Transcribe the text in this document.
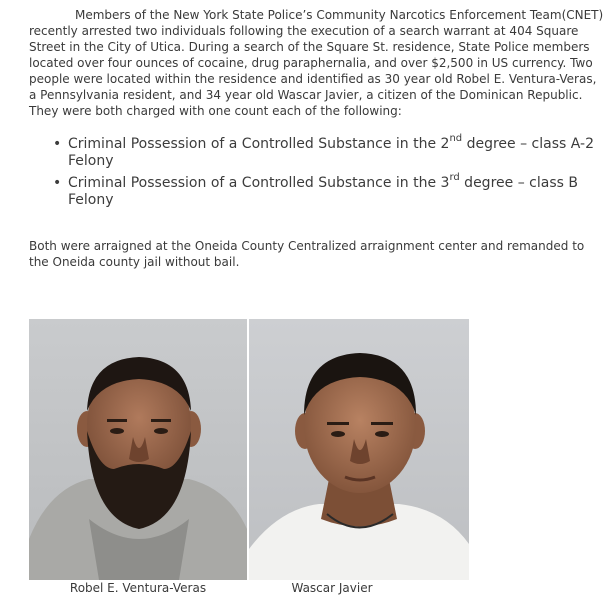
Members of the New York State Police’s Community Narcotics Enforcement Team(CNET) recently arrested two individuals following the execution of a search warrant at 404 Square Street in the City of Utica. During a search of the Square St. residence, State Police members located over four ounces of cocaine, drug paraphernalia, and over $2,500 in US currency. Two people were located within the residence and identified as 30 year old Robel E. Ventura-Veras, a Pennsylvania resident, and 34 year old Wascar Javier, a citizen of the Dominican Republic. They were both charged with one count each of the following:

• Criminal Possession of a Controlled Substance in the 2nd degree – class A-2 Felony
• Criminal Possession of a Controlled Substance in the 3rd degree – class B Felony

Both were arraigned at the Oneida County Centralized arraignment center and remanded to the Oneida county jail without bail.

Robel E. Ventura-Veras	Wascar Javier
